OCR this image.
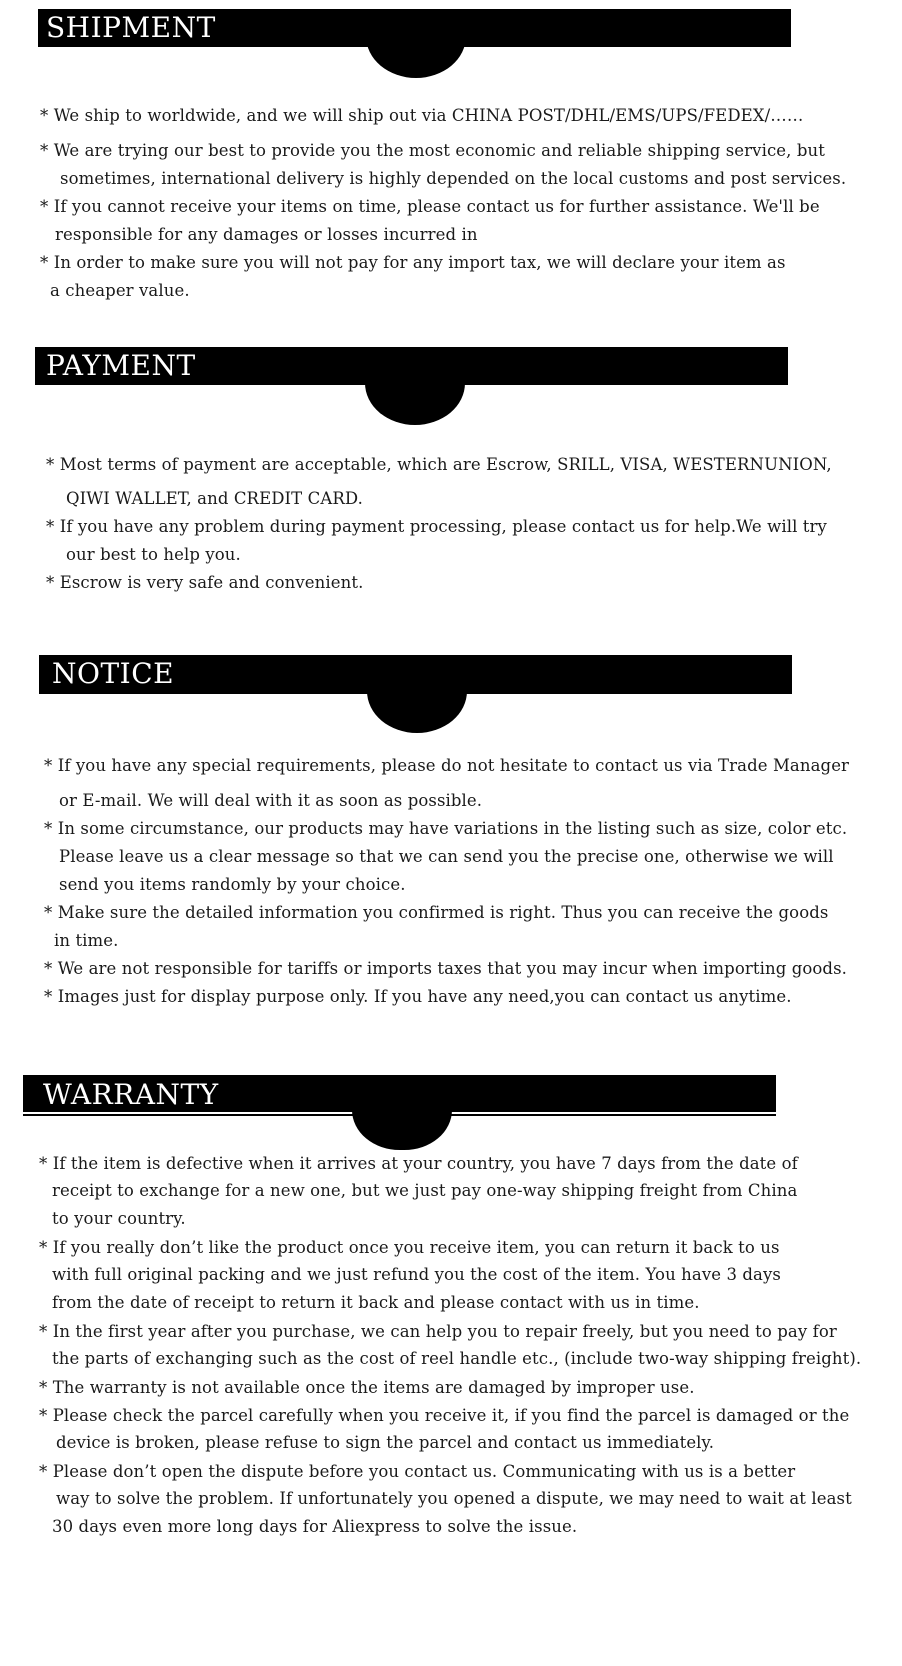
SHIPMENT
* We ship to worldwide, and we will ship out via CHINA POST/DHL/EMS/UPS/FEDEX/……
* We are trying our best to provide you the most economic and reliable shipping service, but
sometimes, international delivery is highly depended on the local customs and post services.
* If you cannot receive your items on time, please contact us for further assistance. We'll be
responsible for any damages or losses incurred in
* In order to make sure you will not pay for any import tax, we will declare your item as
a cheaper value.
PAYMENT
* Most terms of payment are acceptable, which are Escrow, SRILL, VISA, WESTERNUNION,
QIWI WALLET, and CREDIT CARD.
* If you have any problem during payment processing, please contact us for help.We will try
our best to help you.
* Escrow is very safe and convenient.
NOTICE
* If you have any special requirements, please do not hesitate to contact us via Trade Manager
or E-mail. We will deal with it as soon as possible.
* In some circumstance, our products may have variations in the listing such as size, color etc.
Please leave us a clear message so that we can send you the precise one, otherwise we will
send you items randomly by your choice.
* Make sure the detailed information you confirmed is right. Thus you can receive the goods
in time.
* We are not responsible for tariffs or imports taxes that you may incur when importing goods.
* Images just for display purpose only. If you have any need,you can contact us anytime.
WARRANTY
* If the item is defective when it arrives at your country, you have 7 days from the date of
receipt to exchange for a new one, but we just pay one-way shipping freight from China
to your country.
* If you really don’t like the product once you receive item, you can return it back to us
with full original packing and we just refund you the cost of the item. You have 3 days
from the date of receipt to return it back and please contact with us in time.
* In the first year after you purchase, we can help you to repair freely, but you need to pay for
the parts of exchanging such as the cost of reel handle etc., (include two-way shipping freight).
* The warranty is not available once the items are damaged by improper use.
* Please check the parcel carefully when you receive it, if you find the parcel is damaged or the
device is broken, please refuse to sign the parcel and contact us immediately.
* Please don’t open the dispute before you contact us. Communicating with us is a better
way to solve the problem. If unfortunately you opened a dispute, we may need to wait at least
30 days even more long days for Aliexpress to solve the issue.
